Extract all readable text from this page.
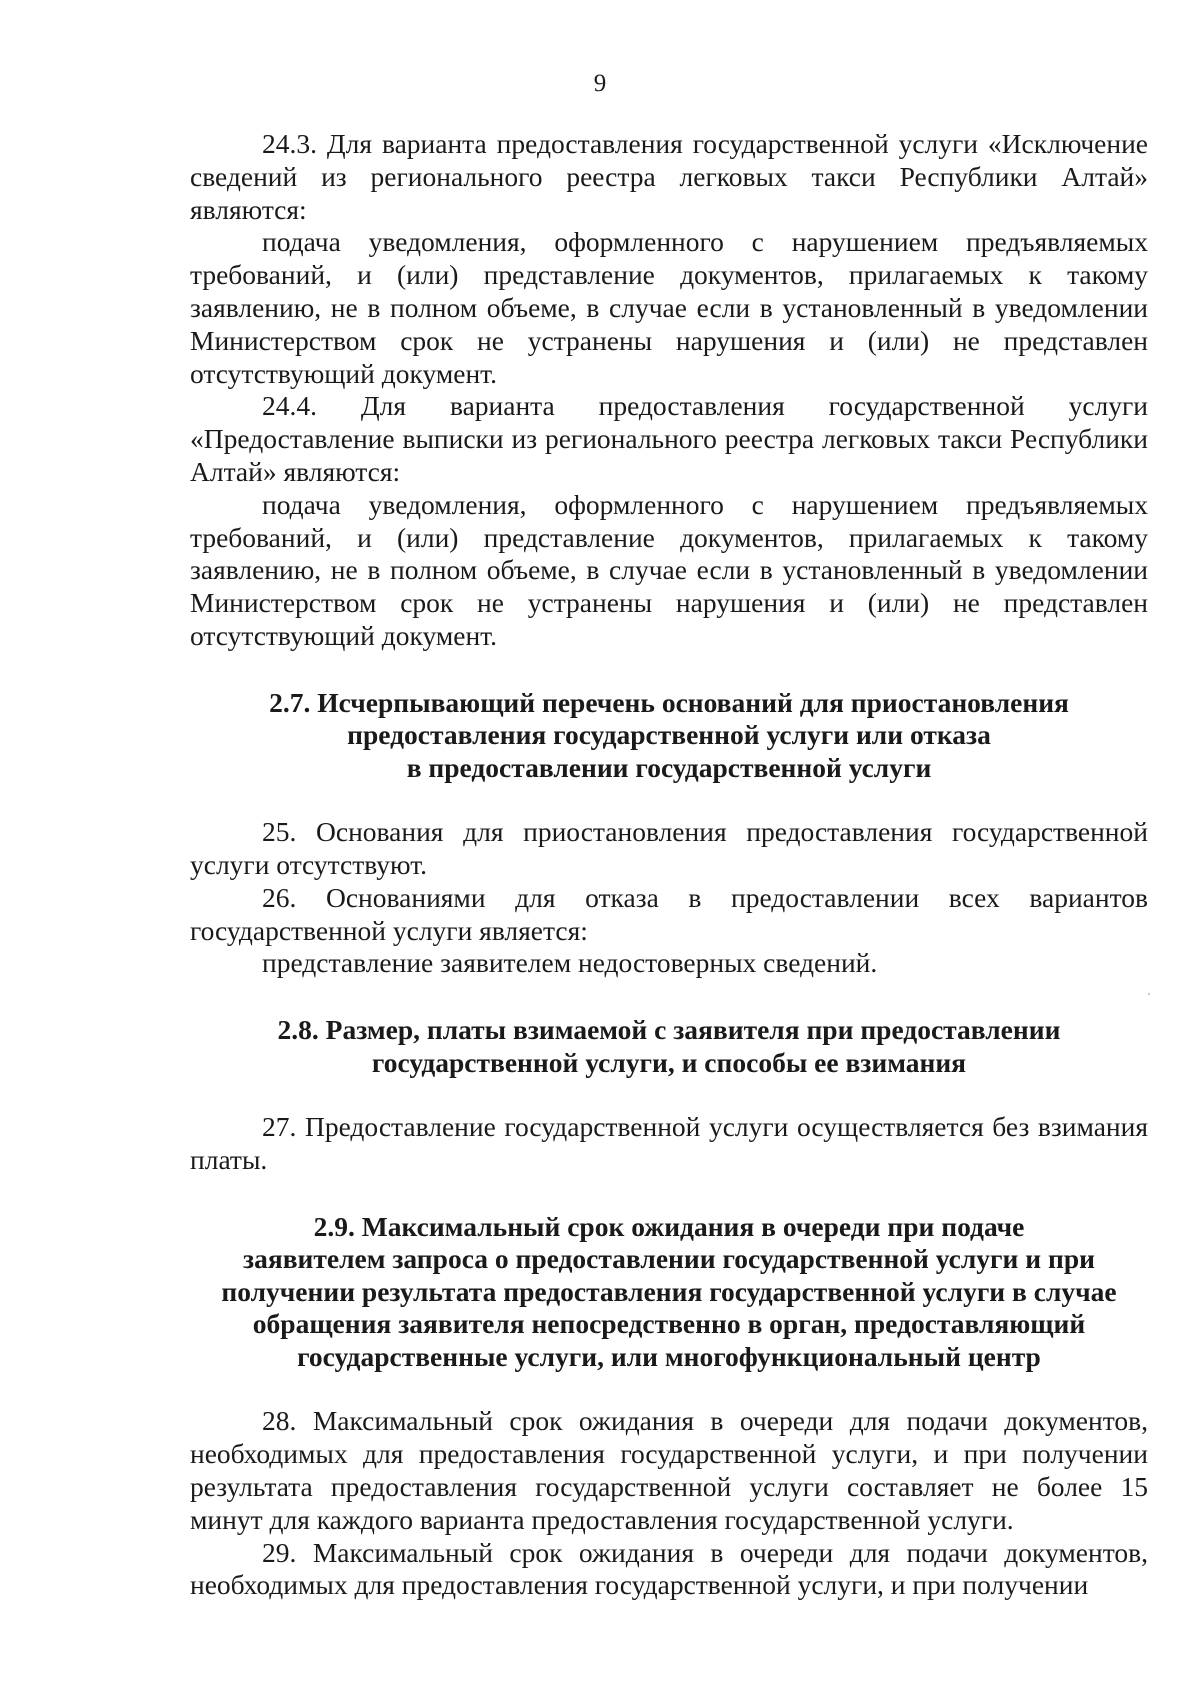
9

24.3. Для варианта предоставления государственной услуги «Исключение сведений из регионального реестра легковых такси Республики Алтай» являются:

подача уведомления, оформленного с нарушением предъявляемых требований, и (или) представление документов, прилагаемых к такому заявлению, не в полном объеме, в случае если в установленный в уведомлении Министерством срок не устранены нарушения и (или) не представлен отсутствующий документ.

24.4. Для варианта предоставления государственной услуги «Предоставление выписки из регионального реестра легковых такси Республики Алтай» являются:

подача уведомления, оформленного с нарушением предъявляемых требований, и (или) представление документов, прилагаемых к такому заявлению, не в полном объеме, в случае если в установленный в уведомлении Министерством срок не устранены нарушения и (или) не представлен отсутствующий документ.

2.7. Исчерпывающий перечень оснований для приостановления

предоставления государственной услуги или отказа

в предоставлении государственной услуги

25. Основания для приостановления предоставления государственной услуги отсутствуют.

26. Основаниями для отказа в предоставлении всех вариантов государственной услуги является:

представление заявителем недостоверных сведений.

2.8. Размер, платы взимаемой с заявителя при предоставлении

государственной услуги, и способы ее взимания

27. Предоставление государственной услуги осуществляется без взимания платы.

2.9. Максимальный срок ожидания в очереди при подаче

заявителем запроса о предоставлении государственной услуги и при

получении результата предоставления государственной услуги в случае

обращения заявителя непосредственно в орган, предоставляющий

государственные услуги, или многофункциональный центр

28. Максимальный срок ожидания в очереди для подачи документов, необходимых для предоставления государственной услуги, и при получении результата предоставления государственной услуги составляет не более 15 минут для каждого варианта предоставления государственной услуги.

29. Максимальный срок ожидания в очереди для подачи документов, необходимых для предоставления государственной услуги, и при получении
